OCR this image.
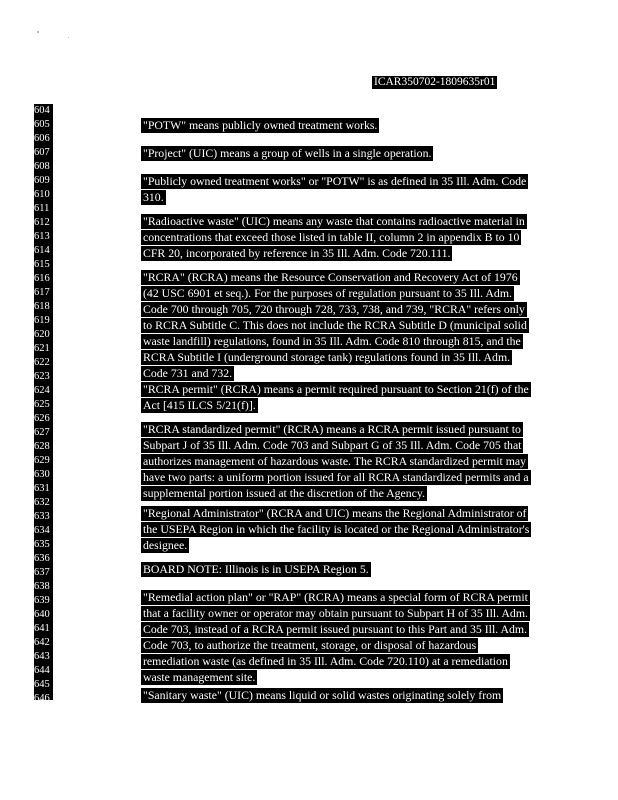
ICAR350702-1809635r01
604
605
606
607
608
609
610
611
612
613
614
615
616
617
618
619
620
621
622
623
624
625
626
627
628
629
630
631
632
633
634
635
636
637
638
639
640
641
642
643
644
645
646
"POTW" means publicly owned treatment works.
"Project" (UIC) means a group of wells in a single operation.
"Publicly owned treatment works" or "POTW" is as defined in 35 Ill. Adm. Code
310.
"Radioactive waste" (UIC) means any waste that contains radioactive material in
concentrations that exceed those listed in table II, column 2 in appendix B to 10
CFR 20, incorporated by reference in 35 Ill. Adm. Code 720.111.
"RCRA" (RCRA) means the Resource Conservation and Recovery Act of 1976
(42 USC 6901 et seq.). For the purposes of regulation pursuant to 35 Ill. Adm.
Code 700 through 705, 720 through 728, 733, 738, and 739, "RCRA" refers only
to RCRA Subtitle C. This does not include the RCRA Subtitle D (municipal solid
waste landfill) regulations, found in 35 Ill. Adm. Code 810 through 815, and the
RCRA Subtitle I (underground storage tank) regulations found in 35 Ill. Adm.
Code 731 and 732.
"RCRA permit" (RCRA) means a permit required pursuant to Section 21(f) of the
Act [415 ILCS 5/21(f)].
"RCRA standardized permit" (RCRA) means a RCRA permit issued pursuant to
Subpart J of 35 Ill. Adm. Code 703 and Subpart G of 35 Ill. Adm. Code 705 that
authorizes management of hazardous waste. The RCRA standardized permit may
have two parts: a uniform portion issued for all RCRA standardized permits and a
supplemental portion issued at the discretion of the Agency.
"Regional Administrator" (RCRA and UIC) means the Regional Administrator of
the USEPA Region in which the facility is located or the Regional Administrator's
designee.
BOARD NOTE: Illinois is in USEPA Region 5.
"Remedial action plan" or "RAP" (RCRA) means a special form of RCRA permit
that a facility owner or operator may obtain pursuant to Subpart H of 35 Ill. Adm.
Code 703, instead of a RCRA permit issued pursuant to this Part and 35 Ill. Adm.
Code 703, to authorize the treatment, storage, or disposal of hazardous
remediation waste (as defined in 35 Ill. Adm. Code 720.110) at a remediation
waste management site.
"Sanitary waste" (UIC) means liquid or solid wastes originating solely from
